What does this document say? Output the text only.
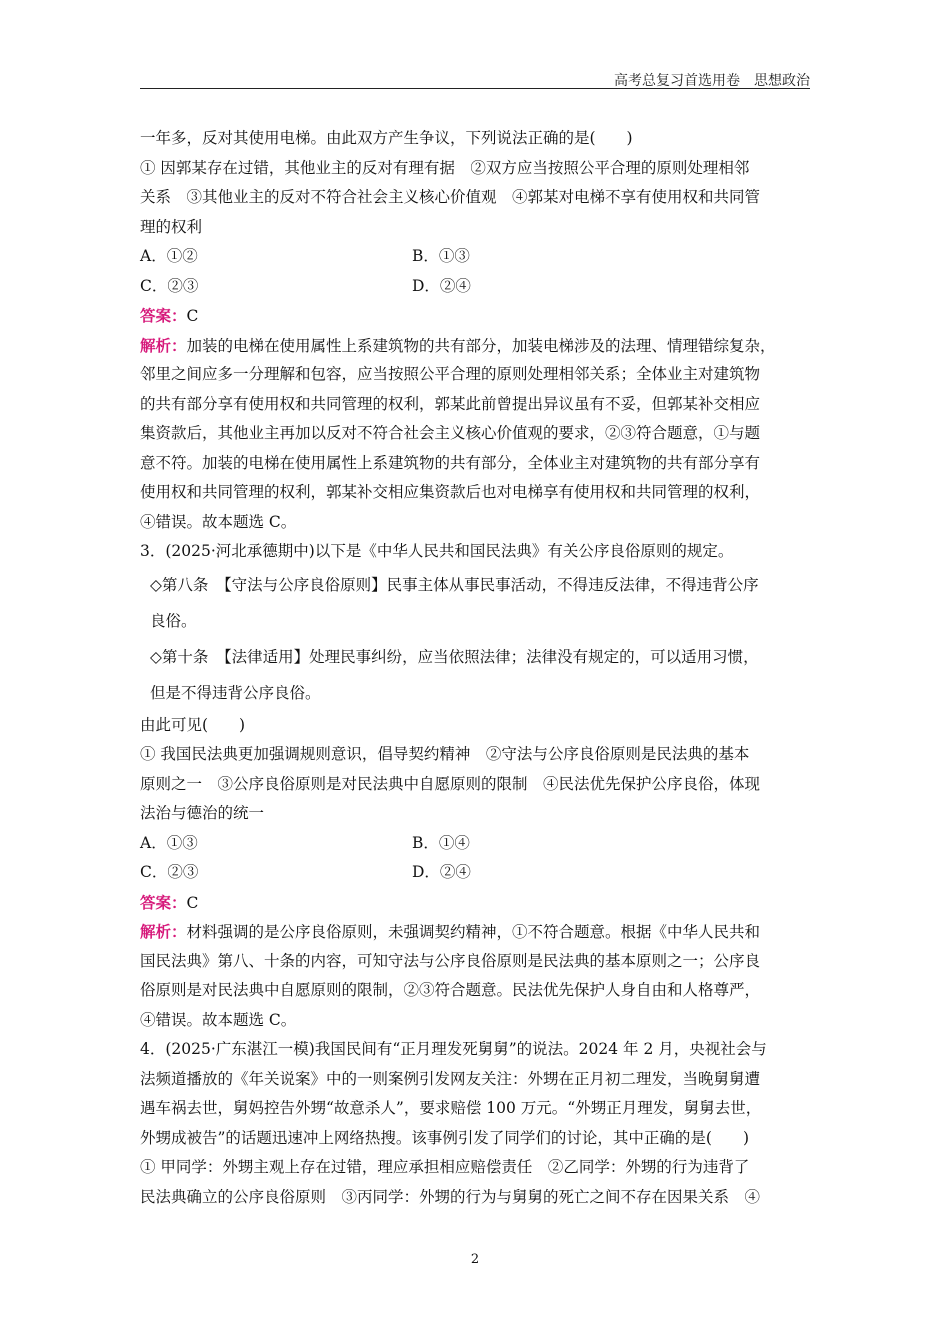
高考总复习首选用卷　思想政治
一年多，反对其使用电梯。由此双方产生争议，下列说法正确的是(　　)
① 因郭某存在过错，其他业主的反对有理有据　②双方应当按照公平合理的原则处理相邻
关系　③其他业主的反对不符合社会主义核心价值观　④郭某对电梯不享有使用权和共同管
理的权利
A．①②	B．①③
C．②③	D．②④
答案：C
解析：加装的电梯在使用属性上系建筑物的共有部分，加装电梯涉及的法理、情理错综复杂，
邻里之间应多一分理解和包容，应当按照公平合理的原则处理相邻关系；全体业主对建筑物
的共有部分享有使用权和共同管理的权利，郭某此前曾提出异议虽有不妥，但郭某补交相应
集资款后，其他业主再加以反对不符合社会主义核心价值观的要求，②③符合题意，①与题
意不符。加装的电梯在使用属性上系建筑物的共有部分，全体业主对建筑物的共有部分享有
使用权和共同管理的权利，郭某补交相应集资款后也对电梯享有使用权和共同管理的权利，
④错误。故本题选 C。
3．(2025·河北承德期中)以下是《中华人民共和国民法典》有关公序良俗原则的规定。
◇第八条　【守法与公序良俗原则】民事主体从事民事活动，不得违反法律，不得违背公序
良俗。
◇第十条　【法律适用】处理民事纠纷，应当依照法律；法律没有规定的，可以适用习惯，
但是不得违背公序良俗。
由此可见(　　)
① 我国民法典更加强调规则意识，倡导契约精神　②守法与公序良俗原则是民法典的基本
原则之一　③公序良俗原则是对民法典中自愿原则的限制　④民法优先保护公序良俗，体现
法治与德治的统一
A．①③	B．①④
C．②③	D．②④
答案：C
解析：材料强调的是公序良俗原则，未强调契约精神，①不符合题意。根据《中华人民共和
国民法典》第八、十条的内容，可知守法与公序良俗原则是民法典的基本原则之一；公序良
俗原则是对民法典中自愿原则的限制，②③符合题意。民法优先保护人身自由和人格尊严，
④错误。故本题选 C。
4．(2025·广东湛江一模)我国民间有“正月理发死舅舅”的说法。2024 年 2 月，央视社会与
法频道播放的《年关说案》中的一则案例引发网友关注：外甥在正月初二理发，当晚舅舅遭
遇车祸去世，舅妈控告外甥“故意杀人”，要求赔偿 100 万元。“外甥正月理发，舅舅去世，
外甥成被告”的话题迅速冲上网络热搜。该事例引发了同学们的讨论，其中正确的是(　　)
① 甲同学：外甥主观上存在过错，理应承担相应赔偿责任　②乙同学：外甥的行为违背了
民法典确立的公序良俗原则　③丙同学：外甥的行为与舅舅的死亡之间不存在因果关系　④
2
